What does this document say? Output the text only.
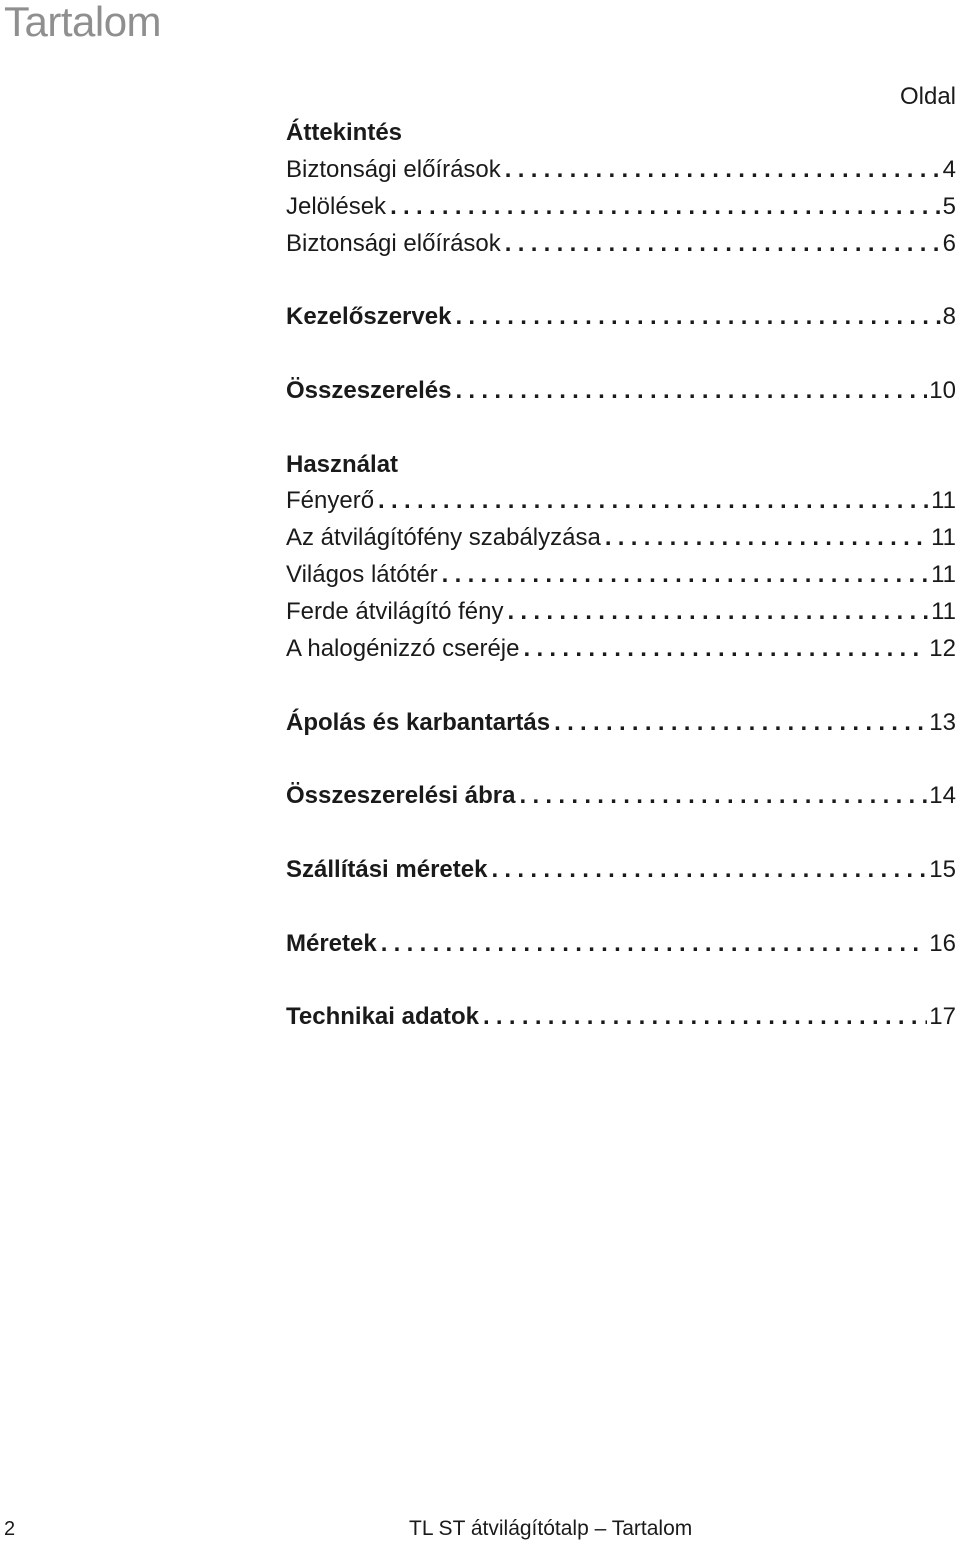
Tartalom
Oldal
Áttekintés
Biztonsági előírások .....	4
Jelölések .....	5
Biztonsági előírások .....	6
Kezelőszervek .....	8
Összeszerelés .....	10
Használat
Fényerő .....	11
Az átvilágítófény szabályzása .....	11
Világos látótér .....	11
Ferde átvilágító fény .....	11
A halogénizzó cseréje .....	12
Ápolás és karbantartás .....	13
Összeszerelési ábra .....	14
Szállítási méretek .....	15
Méretek .....	16
Technikai adatok .....	17
2	TL ST átvilágítótalp – Tartalom
